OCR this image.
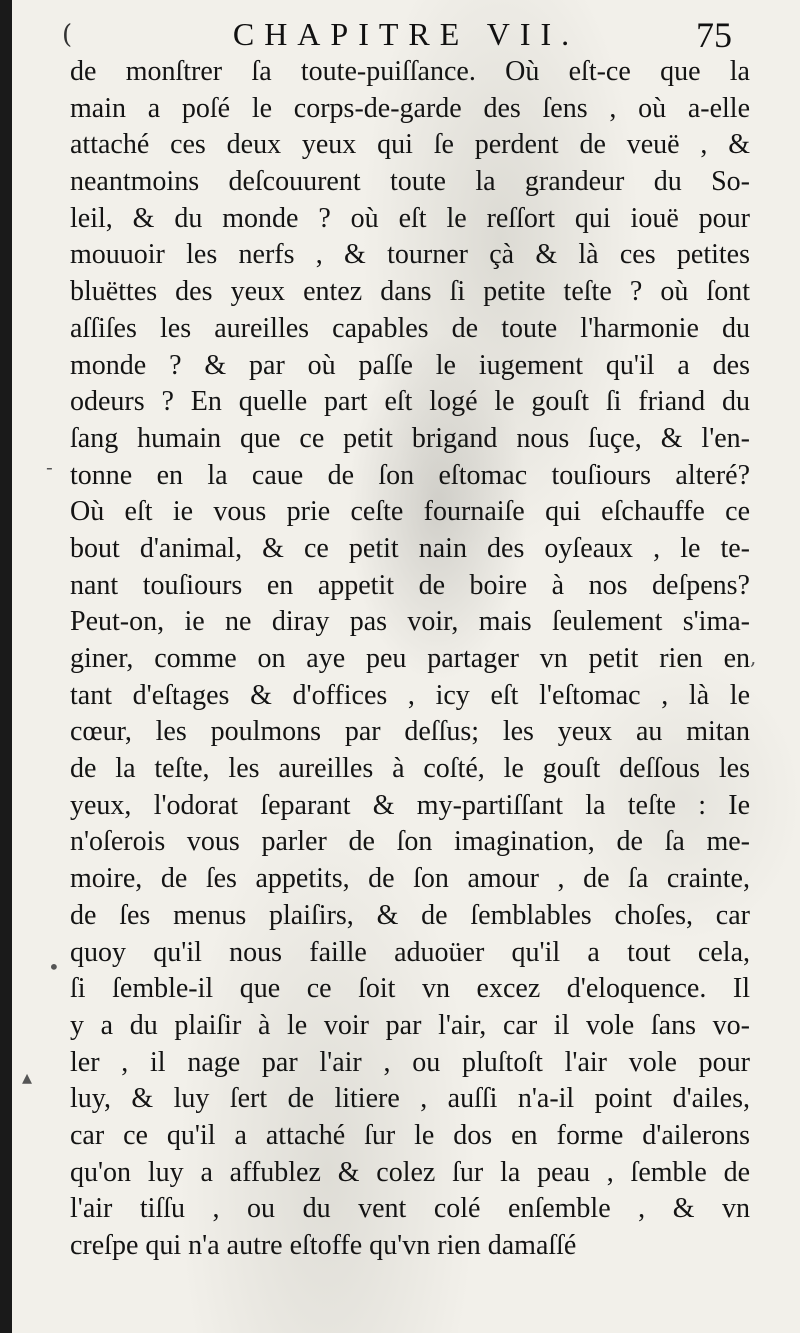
(	CHAPITRE VII.	75
-
•
▴
,
de monſtrer ſa toute-puiſſance. Où eſt-ce que la
main a poſé le corps-de-garde des ſens , où a-elle
attaché ces deux yeux qui ſe perdent de veuë , &
neantmoins deſcouurent toute la grandeur du So-
leil, & du monde ? où eſt le reſſort qui iouë pour
mouuoir les nerfs , & tourner çà & là ces petites
bluëttes des yeux entez dans ſi petite teſte ? où ſont
aſſiſes les aureilles capables de toute l'harmonie du
monde ? & par où paſſe le iugement qu'il a des
odeurs ? En quelle part eſt logé le gouſt ſi friand du
ſang humain que ce petit brigand nous ſuçe, & l'en-
tonne en la caue de ſon eſtomac touſiours alteré?
Où eſt ie vous prie ceſte fournaiſe qui eſchauffe ce
bout d'animal, & ce petit nain des oyſeaux , le te-
nant touſiours en appetit de boire à nos deſpens?
Peut-on, ie ne diray pas voir, mais ſeulement s'ima-
giner, comme on aye peu partager vn petit rien en
tant d'eſtages & d'offices , icy eſt l'eſtomac , là le
cœur, les poulmons par deſſus; les yeux au mitan
de la teſte, les aureilles à coſté, le gouſt deſſous les
yeux, l'odorat ſeparant & my-partiſſant la teſte : Ie
n'oſerois vous parler de ſon imagination, de ſa me-
moire, de ſes appetits, de ſon amour , de ſa crainte,
de ſes menus plaiſirs, & de ſemblables choſes, car
quoy qu'il nous faille aduoüer qu'il a tout cela,
ſi ſemble-il que ce ſoit vn excez d'eloquence. Il
y a du plaiſir à le voir par l'air, car il vole ſans vo-
ler , il nage par l'air , ou pluſtoſt l'air vole pour
luy, & luy ſert de litiere , auſſi n'a-il point d'ailes,
car ce qu'il a attaché ſur le dos en forme d'ailerons
qu'on luy a affublez & colez ſur la peau , ſemble de
l'air tiſſu , ou du vent colé enſemble , & vn
creſpe qui n'a autre eſtoffe qu'vn rien damaſſé
